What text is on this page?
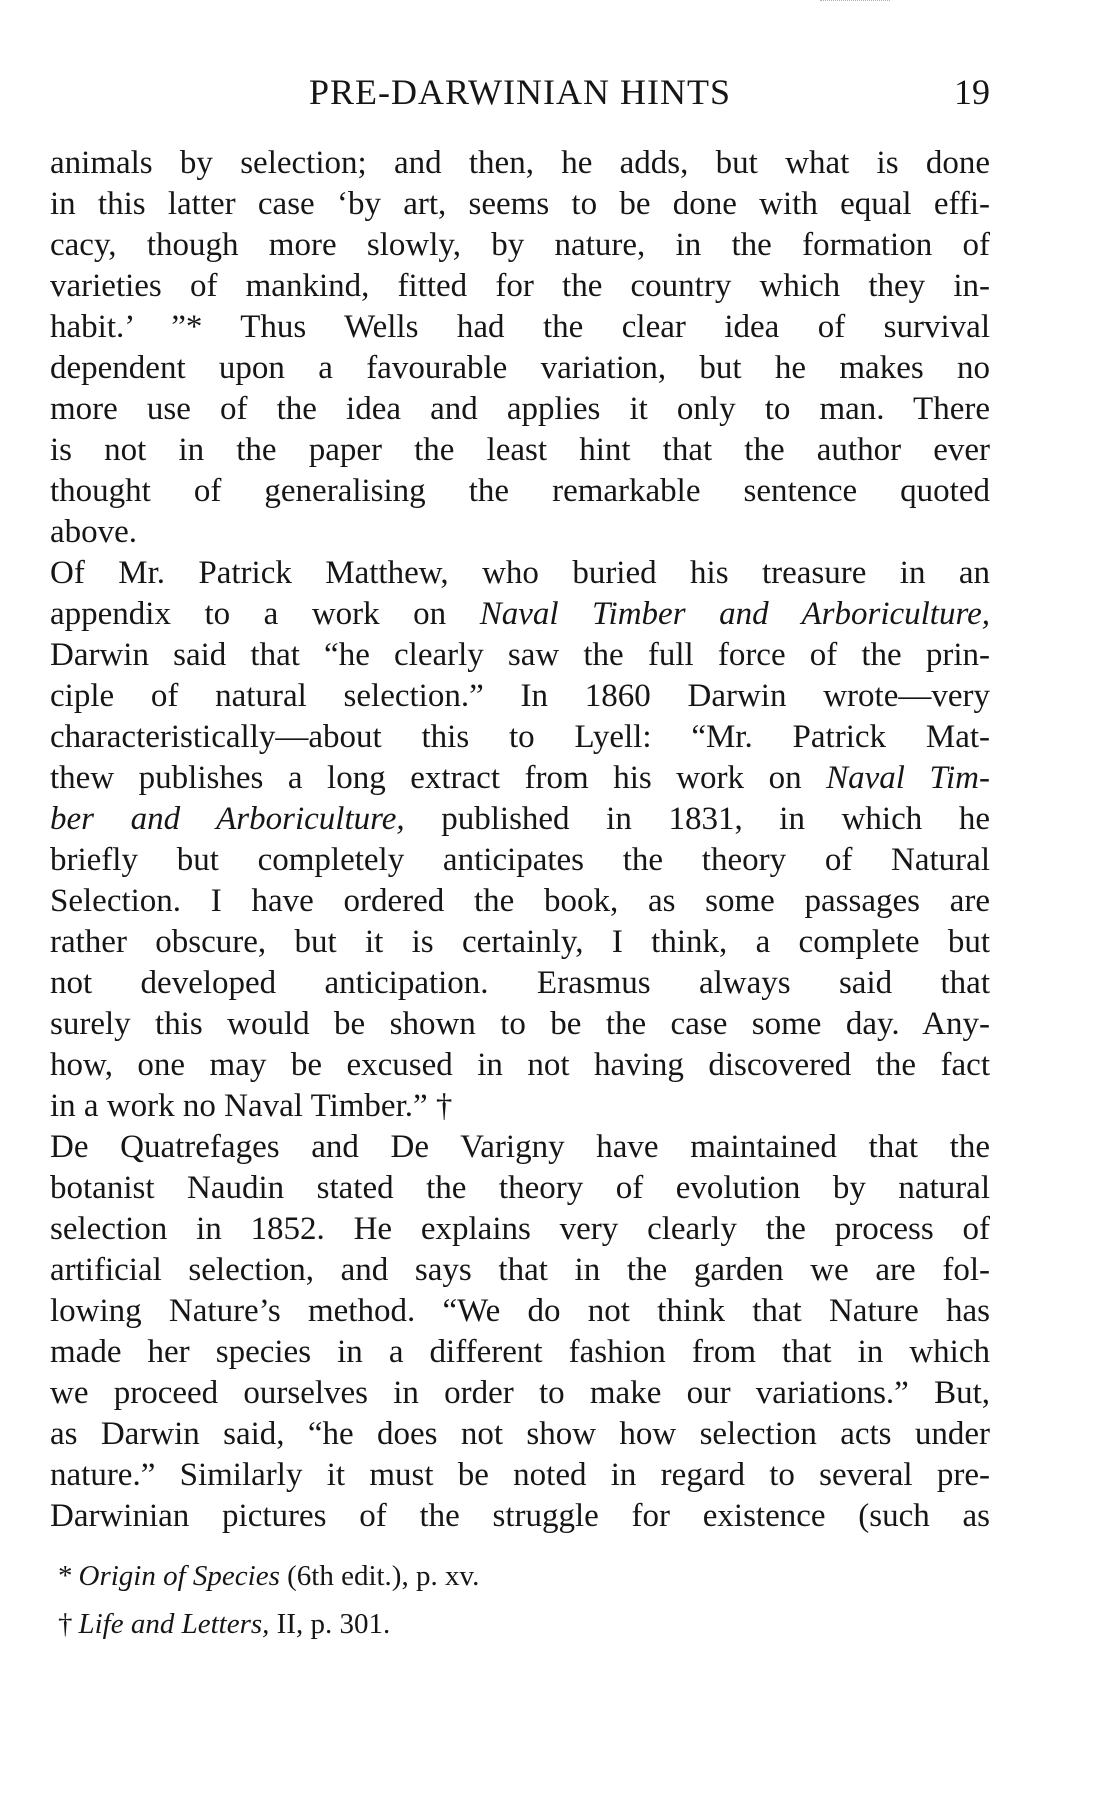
PRE-DARWINIAN HINTS	19
animals by selection; and then, he adds, but what is done
in this latter case ‘by art, seems to be done with equal effi-
cacy, though more slowly, by nature, in the formation of
varieties of mankind, fitted for the country which they in-
habit.’ ”* Thus Wells had the clear idea of survival
dependent upon a favourable variation, but he makes no
more use of the idea and applies it only to man. There
is not in the paper the least hint that the author ever
thought of generalising the remarkable sentence quoted
above.
Of Mr. Patrick Matthew, who buried his treasure in an
appendix to a work on Naval Timber and Arboriculture,
Darwin said that “he clearly saw the full force of the prin-
ciple of natural selection.” In 1860 Darwin wrote—very
characteristically—about this to Lyell: “Mr. Patrick Mat-
thew publishes a long extract from his work on Naval Tim-
ber and Arboriculture, published in 1831, in which he
briefly but completely anticipates the theory of Natural
Selection. I have ordered the book, as some passages are
rather obscure, but it is certainly, I think, a complete but
not developed anticipation. Erasmus always said that
surely this would be shown to be the case some day. Any-
how, one may be excused in not having discovered the fact
in a work no Naval Timber.” †
De Quatrefages and De Varigny have maintained that the
botanist Naudin stated the theory of evolution by natural
selection in 1852. He explains very clearly the process of
artificial selection, and says that in the garden we are fol-
lowing Nature’s method. “We do not think that Nature has
made her species in a different fashion from that in which
we proceed ourselves in order to make our variations.” But,
as Darwin said, “he does not show how selection acts under
nature.” Similarly it must be noted in regard to several pre-
Darwinian pictures of the struggle for existence (such as
* Origin of Species (6th edit.), p. xv.
† Life and Letters, II, p. 301.
